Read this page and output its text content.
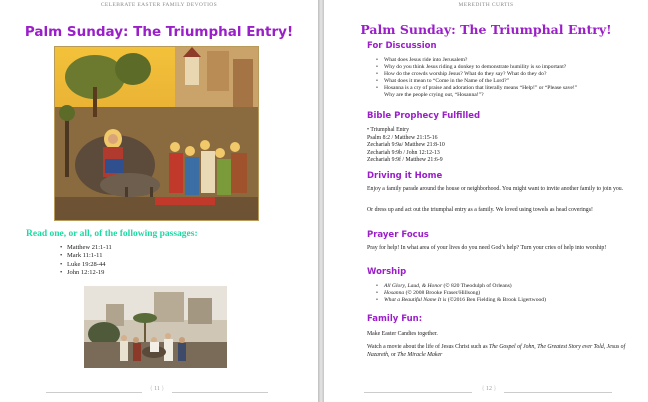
CELEBRATE EASTER FAMILY DEVOTIOS
Palm Sunday: The Triumphal Entry!
Read one, or all, of the following passages:
• Matthew 21:1-11
• Mark 11:1-11
• Luke 19:28-44
• John 12:12-19
{ 11 }
MEREDITH CURTIS
Palm Sunday: The Triumphal Entry!
For Discussion
• What does Jesus ride into Jerusalem?
• Why do you think Jesus riding a donkey to demonstrate humility is so important?
• How do the crowds worship Jesus? What do they say? What do they do?
• What does it mean to “Come in the Name of the Lord?”
• Hosanna is a cry of praise and adoration that literally means “Help!” or “Please save!”
Why are the people crying out, “Hosanna!”?
Bible Prophecy Fulfilled
• Triumphal Entry
Psalm 8:2 / Matthew 21:15-16
Zechariah 9:9a/ Matthew 21:8-10
Zechariah 9:9b / John 12:12-13
Zechariah 9:9f / Matthew 21:6-9
Driving it Home
Enjoy a family parade around the house or neighborhood. You might want to invite another family to join you.
Or dress up and act out the triumphal entry as a family. We loved using towels as head coverings!
Prayer Focus
Pray for help! In what area of your lives do you need God’s help? Turn your cries of help into worship!
Worship
• All Glory, Laud, & Honor (© 820 Theodulph of Orleans)
• Hosanna (© 2008 Brooke Fraser/Hillsong)
• What a Beautiful Name It is (©2016 Ben Fielding & Brook Ligertwood)
Family Fun:
Make Easter Candies together.
Watch a movie about the life of Jesus Christ such as The Gospel of John, The Greatest Story ever Told, Jesus of Nazareth, or The Miracle Maker
{ 12 }
